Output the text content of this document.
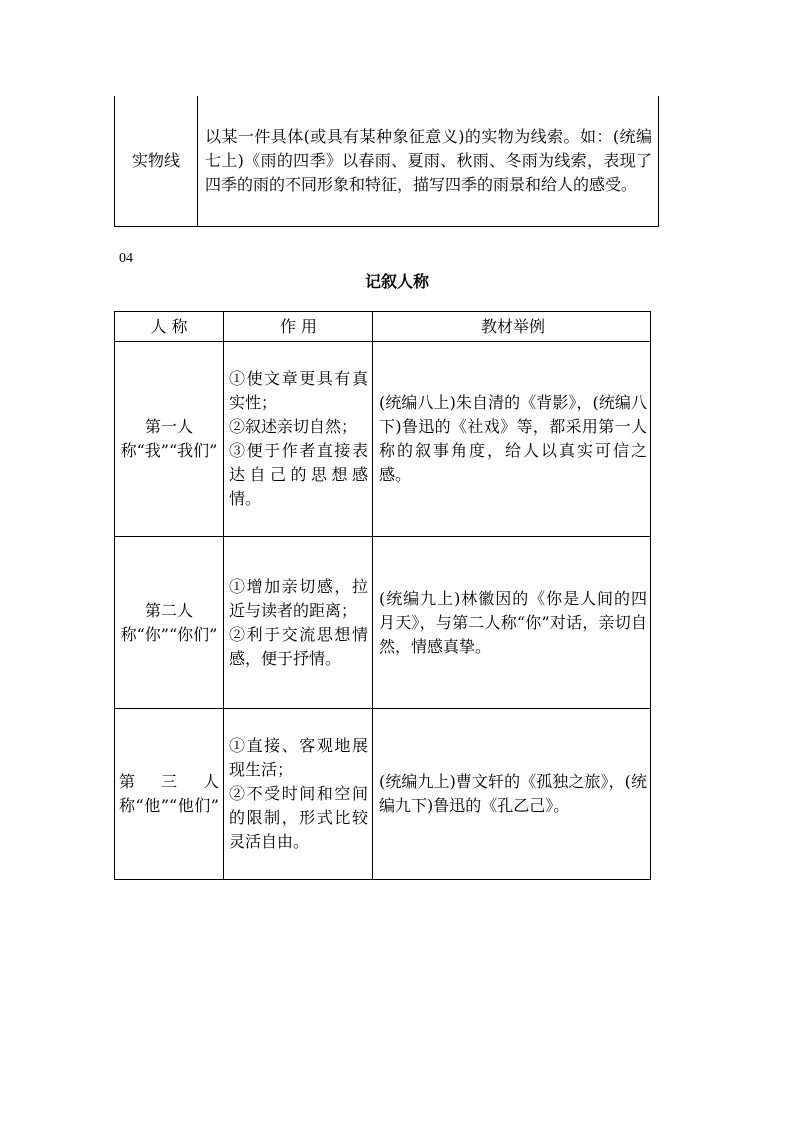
实物线	以某一件具体(或具有某种象征意义)的实物为线索。如：(统编七上)《雨的四季》以春雨、夏雨、秋雨、冬雨为线索，表现了四季的雨的不同形象和特征，描写四季的雨景和给人的感受。
04
记叙人称
人 称	作 用	教材举例
第一人称“我”“我们”	①使文章更具有真实性；
②叙述亲切自然；
③便于作者直接表达自己的思想感情。	(统编八上)朱自清的《背影》，(统编八下)鲁迅的《社戏》等，都采用第一人称的叙事角度，给人以真实可信之感。
第二人称“你”“你们”	①增加亲切感，拉近与读者的距离；
②利于交流思想情感，便于抒情。	(统编九上)林徽因的《你是人间的四月天》，与第二人称“你”对话，亲切自然，情感真挚。
第三人称“他”“他们”	①直接、客观地展现生活；
②不受时间和空间的限制，形式比较灵活自由。	(统编九上)曹文轩的《孤独之旅》，(统编九下)鲁迅的《孔乙己》。
